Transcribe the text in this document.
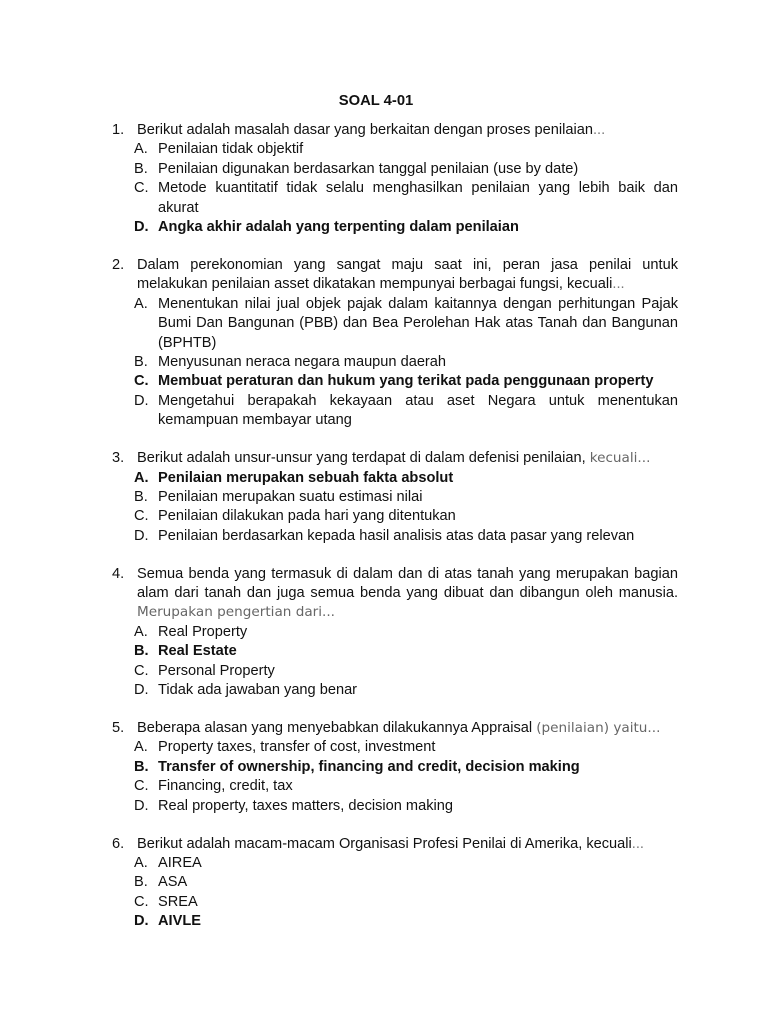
SOAL 4-01
1. Berikut adalah masalah dasar yang berkaitan dengan proses penilaian...
A. Penilaian tidak objektif
B. Penilaian digunakan berdasarkan tanggal penilaian (use by date)
C. Metode kuantitatif tidak selalu menghasilkan penilaian yang lebih baik dan akurat
D. Angka akhir adalah yang terpenting dalam penilaian
2. Dalam perekonomian yang sangat maju saat ini, peran jasa penilai untuk melakukan penilaian asset dikatakan mempunyai berbagai fungsi, kecuali...
A. Menentukan nilai jual objek pajak dalam kaitannya dengan perhitungan Pajak Bumi Dan Bangunan (PBB) dan Bea Perolehan Hak atas Tanah dan Bangunan (BPHTB)
B. Menyusunan neraca negara maupun daerah
C. Membuat peraturan dan hukum yang terikat pada penggunaan property
D. Mengetahui berapakah kekayaan atau aset Negara untuk menentukan kemampuan membayar utang
3. Berikut adalah unsur-unsur yang terdapat di dalam defenisi penilaian, kecuali...
A. Penilaian merupakan sebuah fakta absolut
B. Penilaian merupakan suatu estimasi nilai
C. Penilaian dilakukan pada hari yang ditentukan
D. Penilaian berdasarkan kepada hasil analisis atas data pasar yang relevan
4. Semua benda yang termasuk di dalam dan di atas tanah yang merupakan bagian alam dari tanah dan juga semua benda yang dibuat dan dibangun oleh manusia. Merupakan pengertian dari...
A. Real Property
B. Real Estate
C. Personal Property
D. Tidak ada jawaban yang benar
5. Beberapa alasan yang menyebabkan dilakukannya Appraisal (penilaian) yaitu...
A. Property taxes, transfer of cost, investment
B. Transfer of ownership, financing and credit, decision making
C. Financing, credit, tax
D. Real property, taxes matters, decision making
6. Berikut adalah macam-macam Organisasi Profesi Penilai di Amerika, kecuali...
A. AIREA
B. ASA
C. SREA
D. AIVLE
